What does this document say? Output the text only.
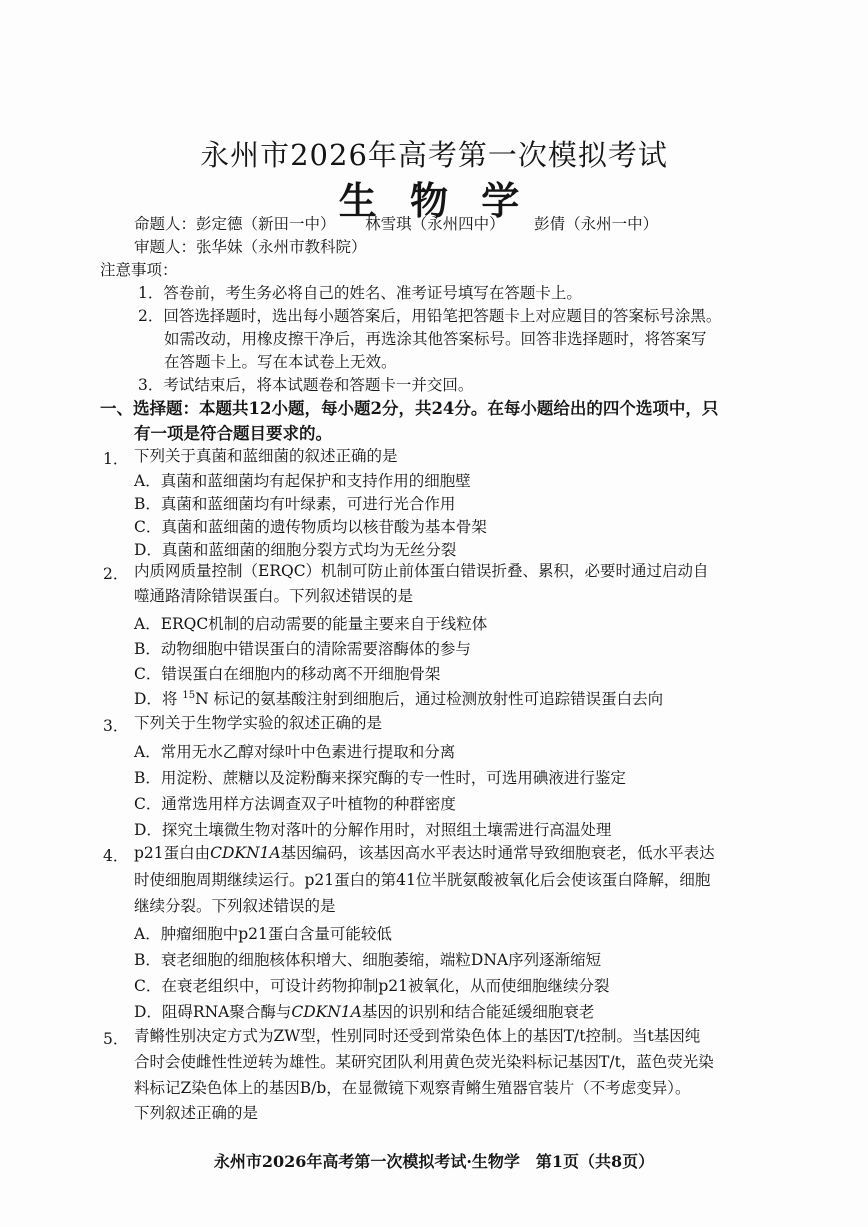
永州市2026年高考第一次模拟考试
生 物 学
命题人：彭定德（新田一中）      林雪琪（永州四中）      彭倩（永州一中）
审题人：张华妹（永州市教科院）
注意事项：
1．答卷前，考生务必将自己的姓名、准考证号填写在答题卡上。
2．回答选择题时，选出每小题答案后，用铅笔把答题卡上对应题目的答案标号涂黑。
如需改动，用橡皮擦干净后，再选涂其他答案标号。回答非选择题时，将答案写
在答题卡上。写在本试卷上无效。
3．考试结束后，将本试题卷和答题卡一并交回。
一、选择题：本题共12小题，每小题2分，共24分。在每小题给出的四个选项中，只
有一项是符合题目要求的。
1． 下列关于真菌和蓝细菌的叙述正确的是
A．真菌和蓝细菌均有起保护和支持作用的细胞壁
B．真菌和蓝细菌均有叶绿素，可进行光合作用
C．真菌和蓝细菌的遗传物质均以核苷酸为基本骨架
D．真菌和蓝细菌的细胞分裂方式均为无丝分裂
2． 内质网质量控制（ERQC）机制可防止前体蛋白错误折叠、累积，必要时通过启动自
噬通路清除错误蛋白。下列叙述错误的是
A．ERQC机制的启动需要的能量主要来自于线粒体
B．动物细胞中错误蛋白的清除需要溶酶体的参与
C．错误蛋白在细胞内的移动离不开细胞骨架
D．将 $^{15}$N 标记的氨基酸注射到细胞后，通过检测放射性可追踪错误蛋白去向
3． 下列关于生物学实验的叙述正确的是
A．常用无水乙醇对绿叶中色素进行提取和分离
B．用淀粉、蔗糖以及淀粉酶来探究酶的专一性时，可选用碘液进行鉴定
C．通常选用样方法调查双子叶植物的种群密度
D．探究土壤微生物对落叶的分解作用时，对照组土壤需进行高温处理
4． p21蛋白由CDKN1A基因编码，该基因高水平表达时通常导致细胞衰老，低水平表达
时使细胞周期继续运行。p21蛋白的第41位半胱氨酸被氧化后会使该蛋白降解，细胞
继续分裂。下列叙述错误的是
A．肿瘤细胞中p21蛋白含量可能较低
B．衰老细胞的细胞核体积增大、细胞萎缩，端粒DNA序列逐渐缩短
C．在衰老组织中，可设计药物抑制p21被氧化，从而使细胞继续分裂
D．阻碍RNA聚合酶与CDKN1A基因的识别和结合能延缓细胞衰老
5． 青鳉性别决定方式为ZW型，性别同时还受到常染色体上的基因T/t控制。当t基因纯
合时会使雌性性逆转为雄性。某研究团队利用黄色荧光染料标记基因T/t，蓝色荧光染
料标记Z染色体上的基因B/b，在显微镜下观察青鳉生殖器官装片（不考虑变异）。
下列叙述正确的是
永州市2026年高考第一次模拟考试·生物学　第1页（共8页）
